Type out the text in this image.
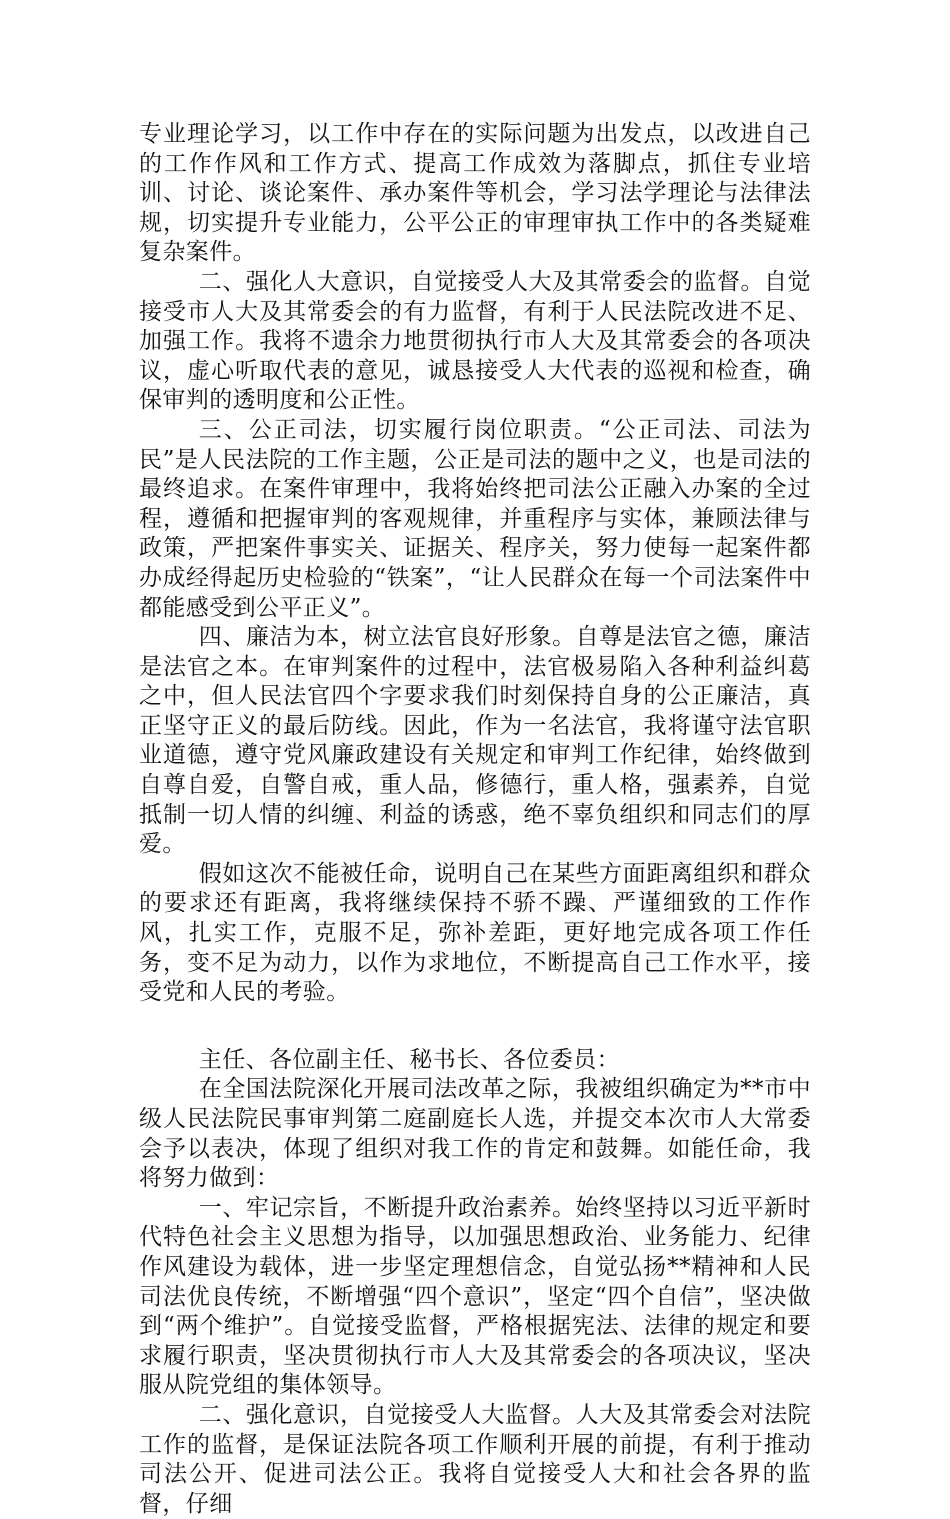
专业理论学习，以工作中存在的实际问题为出发点，以改进自己的工作作风和工作方式、提高工作成效为落脚点，抓住专业培训、讨论、谈论案件、承办案件等机会，学习法学理论与法律法规，切实提升专业能力，公平公正的审理审执工作中的各类疑难复杂案件。

二、强化人大意识，自觉接受人大及其常委会的监督。自觉接受市人大及其常委会的有力监督，有利于人民法院改进不足、加强工作。我将不遗余力地贯彻执行市人大及其常委会的各项决议，虚心听取代表的意见，诚恳接受人大代表的巡视和检查，确保审判的透明度和公正性。

三、公正司法，切实履行岗位职责。“公正司法、司法为民”是人民法院的工作主题，公正是司法的题中之义，也是司法的最终追求。在案件审理中，我将始终把司法公正融入办案的全过程，遵循和把握审判的客观规律，并重程序与实体，兼顾法律与政策，严把案件事实关、证据关、程序关，努力使每一起案件都办成经得起历史检验的“铁案”，“让人民群众在每一个司法案件中都能感受到公平正义”。

四、廉洁为本，树立法官良好形象。自尊是法官之德，廉洁是法官之本。在审判案件的过程中，法官极易陷入各种利益纠葛之中，但人民法官四个字要求我们时刻保持自身的公正廉洁，真正坚守正义的最后防线。因此，作为一名法官，我将谨守法官职业道德，遵守党风廉政建设有关规定和审判工作纪律，始终做到自尊自爱，自警自戒，重人品，修德行，重人格，强素养，自觉抵制一切人情的纠缠、利益的诱惑，绝不辜负组织和同志们的厚爱。

假如这次不能被任命，说明自己在某些方面距离组织和群众的要求还有距离，我将继续保持不骄不躁、严谨细致的工作作风，扎实工作，克服不足，弥补差距，更好地完成各项工作任务，变不足为动力，以作为求地位，不断提高自己工作水平，接受党和人民的考验。

主任、各位副主任、秘书长、各位委员：

在全国法院深化开展司法改革之际，我被组织确定为**市中级人民法院民事审判第二庭副庭长人选，并提交本次市人大常委会予以表决，体现了组织对我工作的肯定和鼓舞。如能任命，我将努力做到：

一、牢记宗旨，不断提升政治素养。始终坚持以习近平新时代特色社会主义思想为指导，以加强思想政治、业务能力、纪律作风建设为载体，进一步坚定理想信念，自觉弘扬**精神和人民司法优良传统，不断增强“四个意识”，坚定“四个自信”，坚决做到“两个维护”。自觉接受监督，严格根据宪法、法律的规定和要求履行职责，坚决贯彻执行市人大及其常委会的各项决议，坚决服从院党组的集体领导。

二、强化意识，自觉接受人大监督。人大及其常委会对法院工作的监督，是保证法院各项工作顺利开展的前提，有利于推动司法公开、促进司法公正。我将自觉接受人大和社会各界的监督，仔细
